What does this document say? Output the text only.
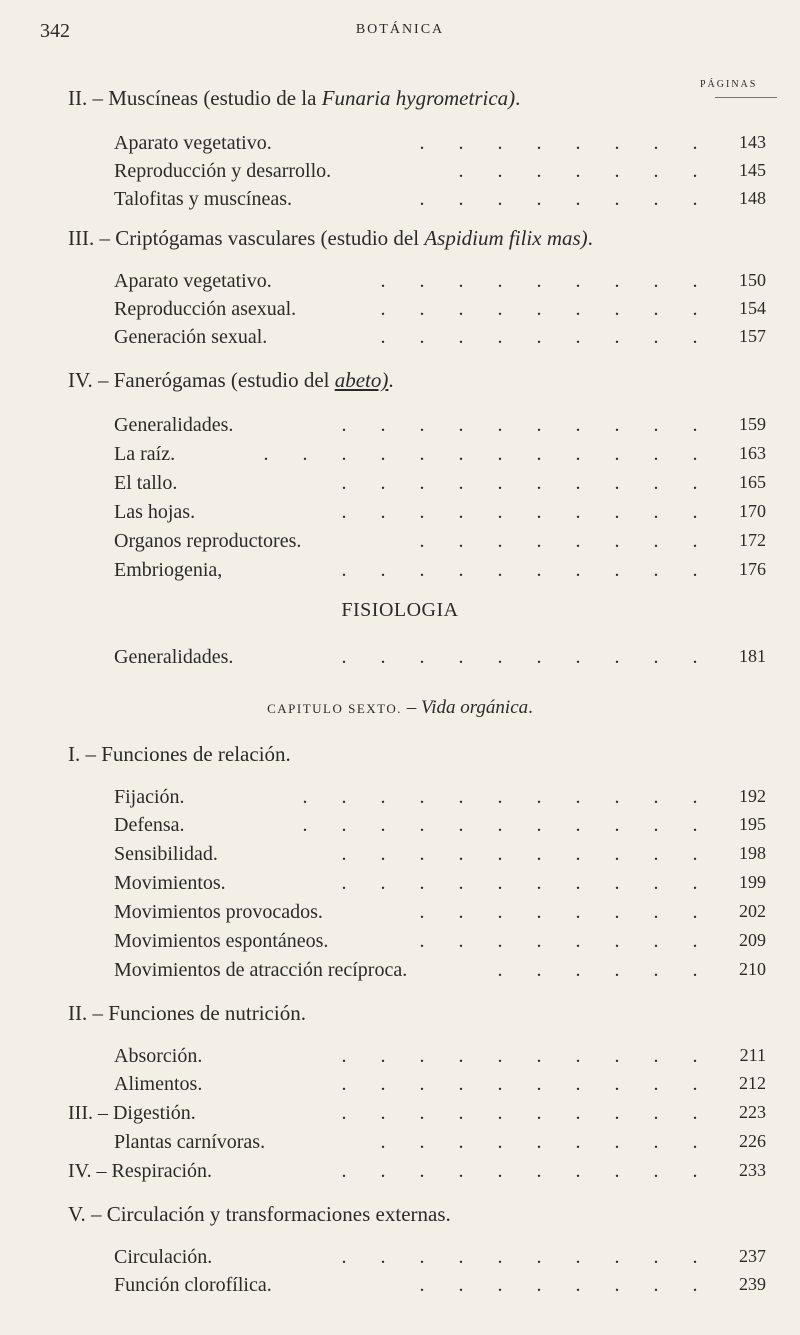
342	BOTÁNICA
PÁGINAS
II. – Muscíneas (estudio de la Funaria hygrometrica).
Aparato vegetativo.	. . . . . . . .	143
Reproducción y desarrollo.	. . . . . . .	145
Talofitas y muscíneas.	. . . . . . . .	148
III. – Criptógamas vasculares (estudio del Aspidium filix mas).
Aparato vegetativo.	. . . . . . . . .	150
Reproducción asexual.	. . . . . . . . .	154
Generación sexual.	. . . . . . . . .	157
IV. – Fanerógamas (estudio del abeto).
Generalidades.	. . . . . . . . . .	159
La raíz.	. . . . . . . . . . . .	163
El tallo.	. . . . . . . . . .	165
Las hojas.	. . . . . . . . . .	170
Organos reproductores.	. . . . . . . .	172
Embriogenia,	. . . . . . . . . .	176
FISIOLOGIA
Generalidades.	. . . . . . . . . .	181
CAPITULO SEXTO. – Vida orgánica.
I. – Funciones de relación.
Fijación.	. . . . . . . . . . .	192
Defensa.	. . . . . . . . . . .	195
Sensibilidad.	. . . . . . . . . .	198
Movimientos.	. . . . . . . . . .	199
Movimientos provocados.	. . . . . . . .	202
Movimientos espontáneos.	. . . . . . . .	209
Movimientos de atracción recíproca.	. . . . . .	210
II. – Funciones de nutrición.
Absorción.	. . . . . . . . . .	211
Alimentos.	. . . . . . . . . .	212
III. – Digestión.	. . . . . . . . . .	223
Plantas carnívoras.	. . . . . . . . .	226
IV. – Respiración.	. . . . . . . . . .	233
V. – Circulación y transformaciones externas.
Circulación.	. . . . . . . . . .	237
Función clorofílica.	. . . . . . . .	239
